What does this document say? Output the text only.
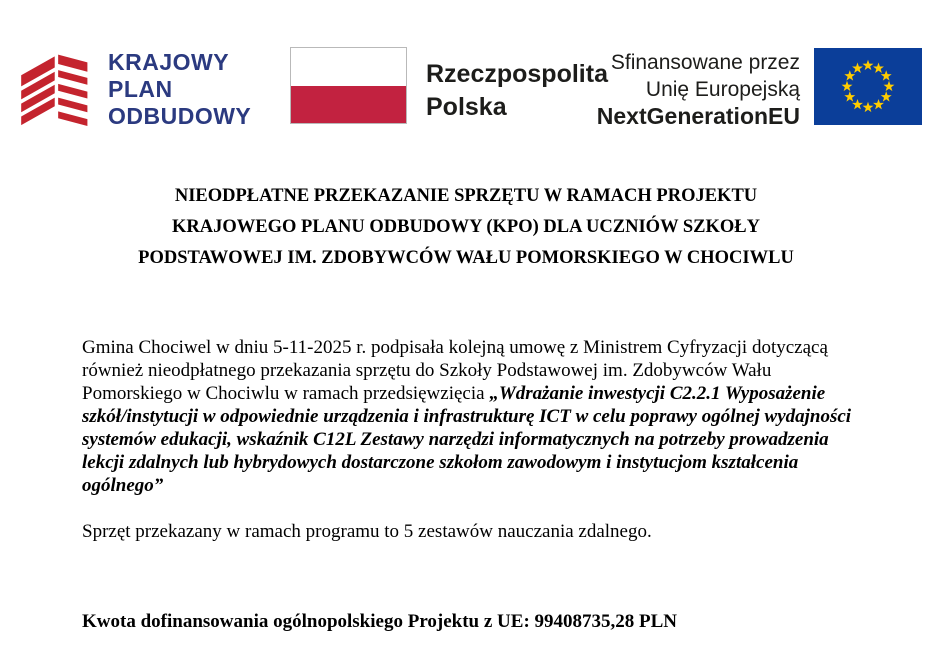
KRAJOWY
PLAN
ODBUDOWY
Rzeczpospolita
Polska
Sfinansowane przez
Unię Europejską
NextGenerationEU
NIEODPŁATNE PRZEKAZANIE SPRZĘTU W RAMACH PROJEKTU
KRAJOWEGO PLANU ODBUDOWY (KPO) DLA UCZNIÓW SZKOŁY
PODSTAWOWEJ IM. ZDOBYWCÓW WAŁU POMORSKIEGO W CHOCIWLU

Gmina Chociwel w dniu 5-11-2025 r. podpisała kolejną umowę z Ministrem Cyfryzacji dotyczącą również nieodpłatnego przekazania sprzętu do Szkoły Podstawowej im. Zdobywców Wału Pomorskiego w Chociwlu w ramach przedsięwzięcia „Wdrażanie inwestycji C2.2.1 Wyposażenie szkół/instytucji w odpowiednie urządzenia i infrastrukturę ICT w celu poprawy ogólnej wydajności systemów edukacji, wskaźnik C12L Zestawy narzędzi informatycznych na potrzeby prowadzenia lekcji zdalnych lub hybrydowych dostarczone szkołom zawodowym i instytucjom kształcenia ogólnego”

Sprzęt przekazany w ramach programu to 5 zestawów nauczania zdalnego.

Kwota dofinansowania ogólnopolskiego Projektu z UE: 99408735,28 PLN
